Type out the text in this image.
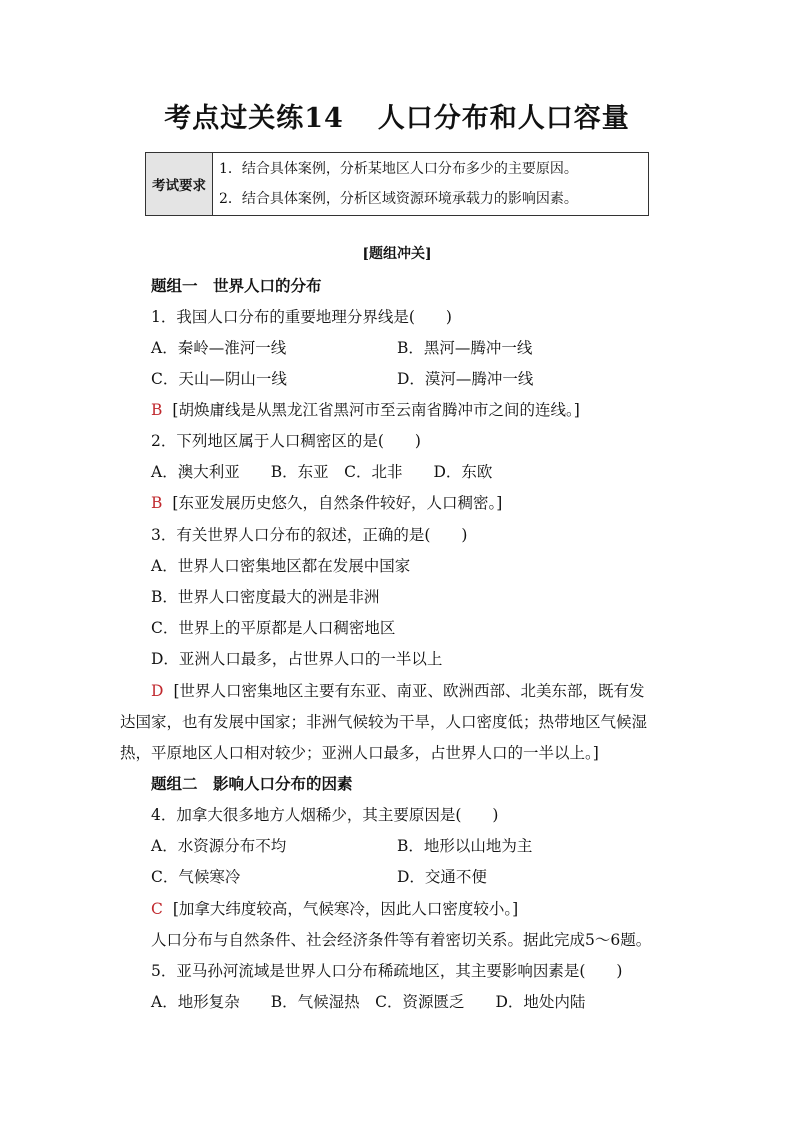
考点过关练14 人口分布和人口容量
考试要求	
1．结合具体案例，分析某地区人口分布多少的主要原因。
2．结合具体案例，分析区域资源环境承载力的影响因素。
[题组冲关]
题组一　世界人口的分布
1．我国人口分布的重要地理分界线是(　　)
A．秦岭—淮河一线	B．黑河—腾冲一线
C．天山—阴山一线	D．漠河—腾冲一线
B [胡焕庸线是从黑龙江省黑河市至云南省腾冲市之间的连线。]
2．下列地区属于人口稠密区的是(　　)
A．澳大利亚　　B．东亚　C．北非　　D．东欧
B [东亚发展历史悠久，自然条件较好，人口稠密。]
3．有关世界人口分布的叙述，正确的是(　　)
A．世界人口密集地区都在发展中国家
B．世界人口密度最大的洲是非洲
C．世界上的平原都是人口稠密地区
D．亚洲人口最多，占世界人口的一半以上
D [世界人口密集地区主要有东亚、南亚、欧洲西部、北美东部，既有发
达国家，也有发展中国家；非洲气候较为干旱，人口密度低；热带地区气候湿
热，平原地区人口相对较少；亚洲人口最多，占世界人口的一半以上。]
题组二　影响人口分布的因素
4．加拿大很多地方人烟稀少，其主要原因是(　　)
A．水资源分布不均	B．地形以山地为主
C．气候寒冷	D．交通不便
C [加拿大纬度较高，气候寒冷，因此人口密度较小。]
人口分布与自然条件、社会经济条件等有着密切关系。据此完成5～6题。
5．亚马孙河流域是世界人口分布稀疏地区，其主要影响因素是(　　)
A．地形复杂　　B．气候湿热　C．资源匮乏　　D．地处内陆
